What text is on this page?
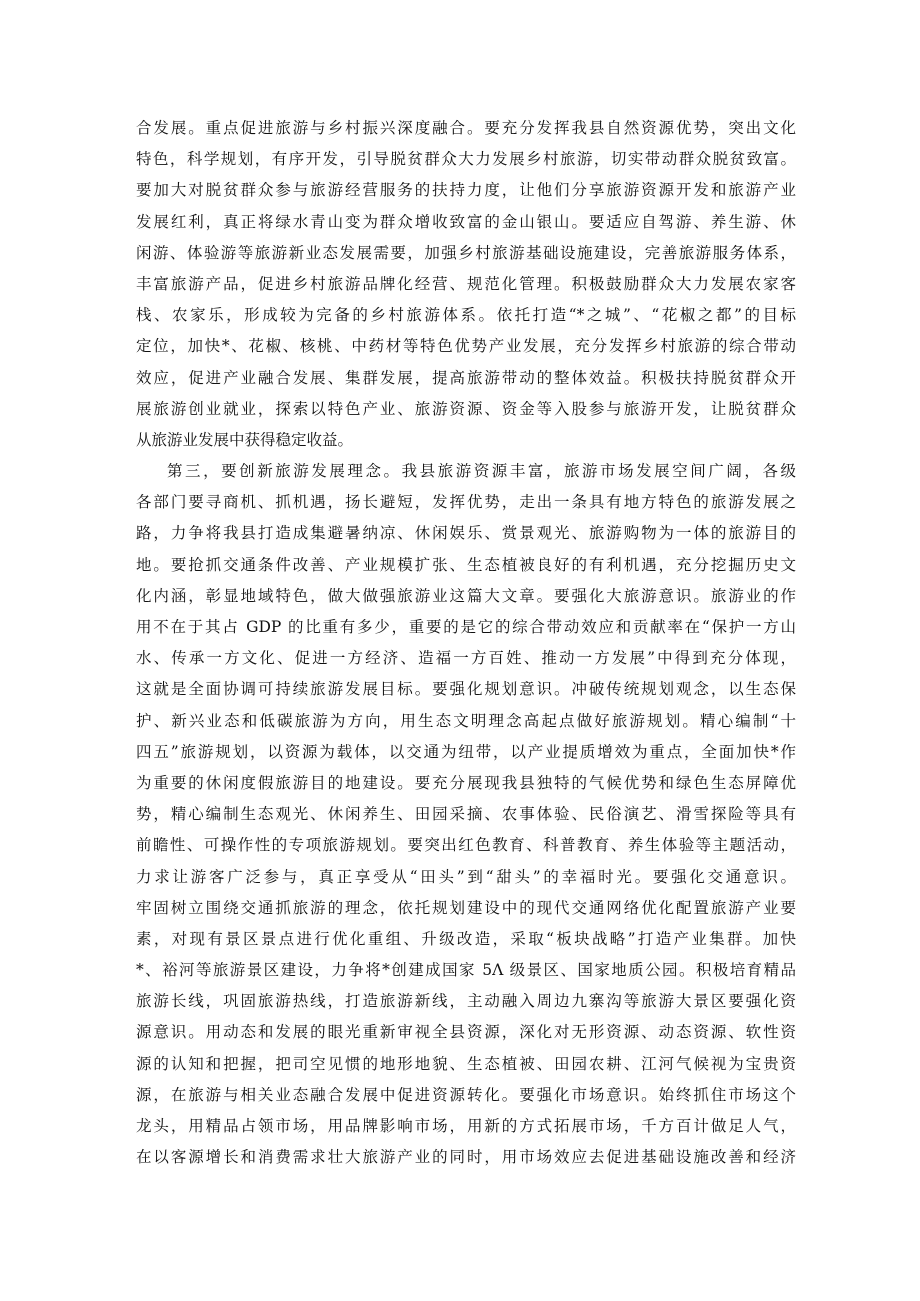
合发展。重点促进旅游与乡村振兴深度融合。要充分发挥我县自然资源优势，突出文化
特色，科学规划，有序开发，引导脱贫群众大力发展乡村旅游，切实带动群众脱贫致富。
要加大对脱贫群众参与旅游经营服务的扶持力度，让他们分享旅游资源开发和旅游产业
发展红利，真正将绿水青山变为群众增收致富的金山银山。要适应自驾游、养生游、休
闲游、体验游等旅游新业态发展需要，加强乡村旅游基础设施建设，完善旅游服务体系，
丰富旅游产品，促进乡村旅游品牌化经营、规范化管理。积极鼓励群众大力发展农家客
栈、农家乐，形成较为完备的乡村旅游体系。依托打造“*之城”、“花椒之都”的目标
定位，加快*、花椒、核桃、中药材等特色优势产业发展，充分发挥乡村旅游的综合带动
效应，促进产业融合发展、集群发展，提高旅游带动的整体效益。积极扶持脱贫群众开
展旅游创业就业，探索以特色产业、旅游资源、资金等入股参与旅游开发，让脱贫群众
从旅游业发展中获得稳定收益。
第三，要创新旅游发展理念。我县旅游资源丰富，旅游市场发展空间广阔，各级
各部门要寻商机、抓机遇，扬长避短，发挥优势，走出一条具有地方特色的旅游发展之
路，力争将我县打造成集避暑纳凉、休闲娱乐、赏景观光、旅游购物为一体的旅游目的
地。要抢抓交通条件改善、产业规模扩张、生态植被良好的有利机遇，充分挖掘历史文
化内涵，彰显地域特色，做大做强旅游业这篇大文章。要强化大旅游意识。旅游业的作
用不在于其占 GDP 的比重有多少，重要的是它的综合带动效应和贡献率在“保护一方山
水、传承一方文化、促进一方经济、造福一方百姓、推动一方发展”中得到充分体现，
这就是全面协调可持续旅游发展目标。要强化规划意识。冲破传统规划观念，以生态保
护、新兴业态和低碳旅游为方向，用生态文明理念高起点做好旅游规划。精心编制“十
四五”旅游规划，以资源为载体，以交通为纽带，以产业提质增效为重点，全面加快*作
为重要的休闲度假旅游目的地建设。要充分展现我县独特的气候优势和绿色生态屏障优
势，精心编制生态观光、休闲养生、田园采摘、农事体验、民俗演艺、滑雪探险等具有
前瞻性、可操作性的专项旅游规划。要突出红色教育、科普教育、养生体验等主题活动，
力求让游客广泛参与，真正享受从“田头”到“甜头”的幸福时光。要强化交通意识。
牢固树立围绕交通抓旅游的理念，依托规划建设中的现代交通网络优化配置旅游产业要
素，对现有景区景点进行优化重组、升级改造，采取“板块战略”打造产业集群。加快
*、裕河等旅游景区建设，力争将*创建成国家 5Λ 级景区、国家地质公园。积极培育精品
旅游长线，巩固旅游热线，打造旅游新线，主动融入周边九寨沟等旅游大景区要强化资
源意识。用动态和发展的眼光重新审视全县资源，深化对无形资源、动态资源、软性资
源的认知和把握，把司空见惯的地形地貌、生态植被、田园农耕、江河气候视为宝贵资
源，在旅游与相关业态融合发展中促进资源转化。要强化市场意识。始终抓住市场这个
龙头，用精品占领市场，用品牌影响市场，用新的方式拓展市场，千方百计做足人气，
在以客源增长和消费需求壮大旅游产业的同时，用市场效应去促进基础设施改善和经济
